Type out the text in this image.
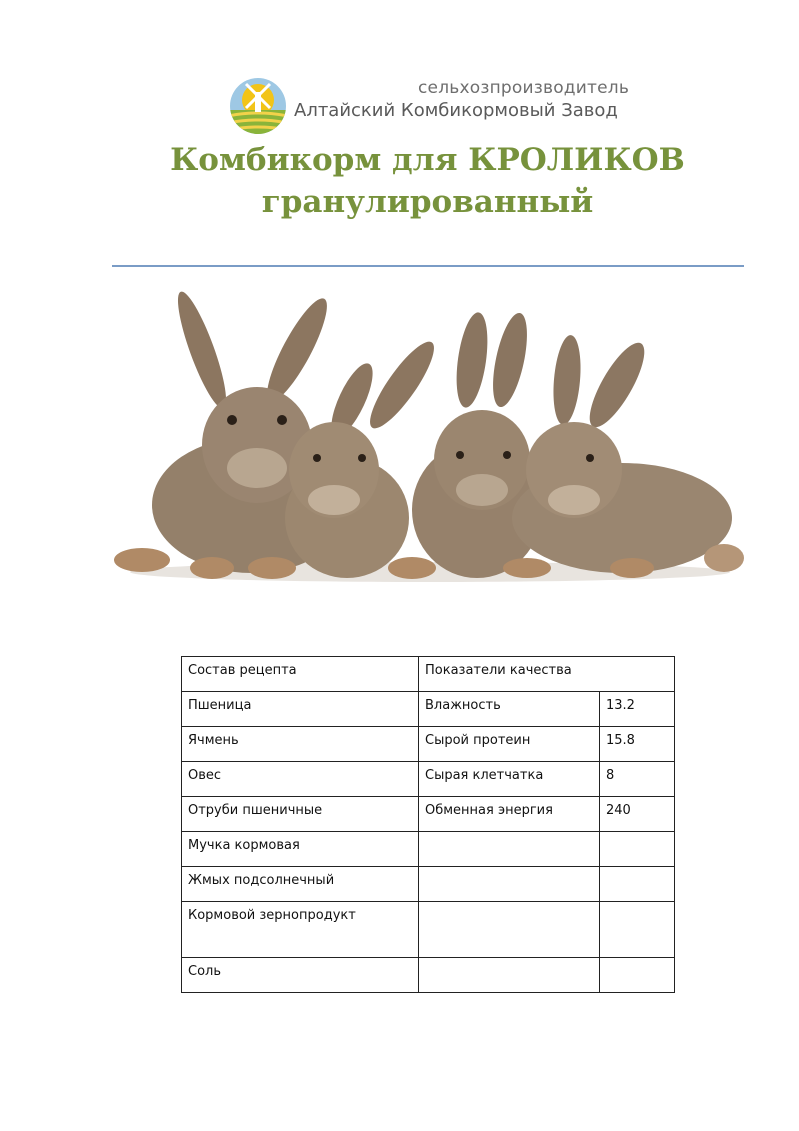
сельхозпроизводитель
Алтайский Комбикормовый Завод
Комбикорм для КРОЛИКОВ
гранулированный
Состав рецепта	Показатели качества	
Пшеница	Влажность	13.2
Ячмень	Сырой протеин	15.8
Овес	Сырая клетчатка	8
Отруби пшеничные	Обменная энергия	240
Мучка кормовая		
Жмых подсолнечный		
Кормовой зернопродукт		
Соль		
